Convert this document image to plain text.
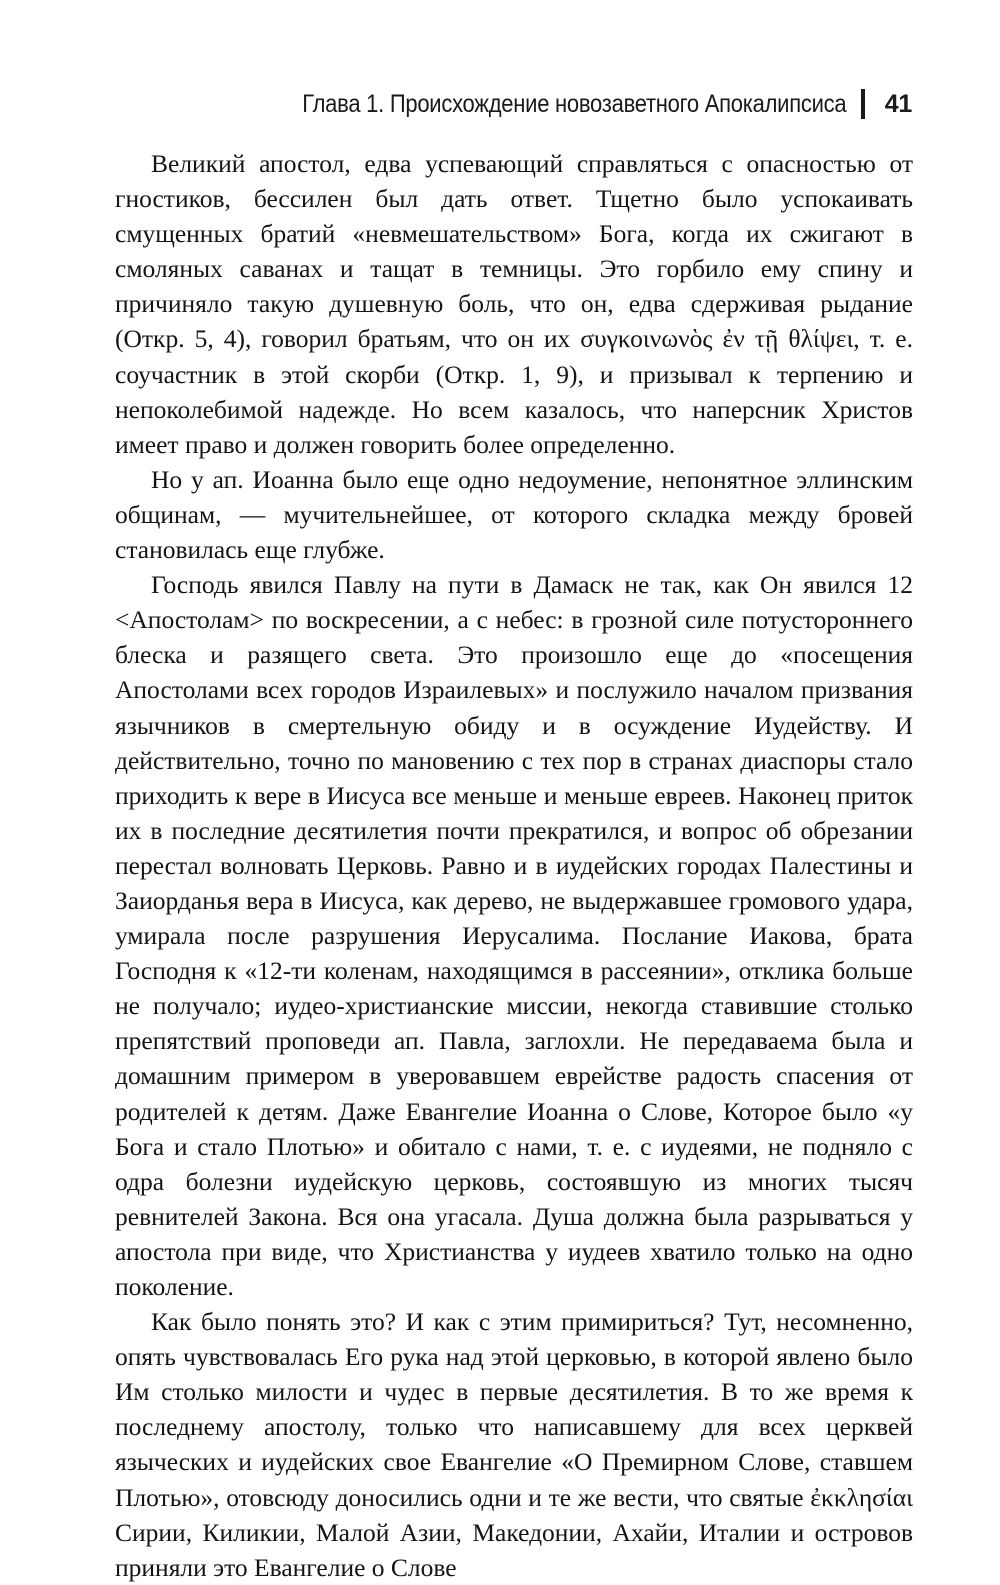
Глава 1. Происхождение новозаветного Апокалипсиса 41

Великий апостол, едва успевающий справляться с опасностью от гностиков, бессилен был дать ответ. Тщетно было успокаивать смущенных братий «невмешательством» Бога, когда их сжигают в смоляных саванах и тащат в темницы. Это горбило ему спину и причиняло такую душевную боль, что он, едва сдерживая рыдание (Откр. 5, 4), говорил братьям, что он их συγκοινωνὸς ἐν τῇ θλίψει, т. е. соучастник в этой скорби (Откр. 1, 9), и призывал к терпению и непоколебимой надежде. Но всем казалось, что наперсник Христов имеет право и должен говорить более определенно.

Но у ап. Иоанна было еще одно недоумение, непонятное эллинским общинам, — мучительнейшее, от которого складка между бровей становилась еще глубже.

Господь явился Павлу на пути в Дамаск не так, как Он явился 12 <Апостолам> по воскресении, а с небес: в грозной силе потустороннего блеска и разящего света. Это произошло еще до «посещения Апостолами всех городов Израилевых» и послужило началом призвания язычников в смертельную обиду и в осуждение Иудейству. И действительно, точно по мановению с тех пор в странах диаспоры стало приходить к вере в Иисуса все меньше и меньше евреев. Наконец приток их в последние десятилетия почти прекратился, и вопрос об обрезании перестал волновать Церковь. Равно и в иудейских городах Палестины и Заиорданья вера в Иисуса, как дерево, не выдержавшее громового удара, умирала после разрушения Иерусалима. Послание Иакова, брата Господня к «12-ти коленам, находящимся в рассеянии», отклика больше не получало; иудео-христианские миссии, некогда ставившие столько препятствий проповеди ап. Павла, заглохли. Не передаваема была и домашним примером в уверовавшем еврействе радость спасения от родителей к детям. Даже Евангелие Иоанна о Слове, Которое было «у Бога и стало Плотью» и обитало с нами, т. е. с иудеями, не подняло с одра болезни иудейскую церковь, состоявшую из многих тысяч ревнителей Закона. Вся она угасала. Душа должна была разрываться у апостола при виде, что Христианства у иудеев хватило только на одно поколение.

Как было понять это? И как с этим примириться? Тут, несомненно, опять чувствовалась Его рука над этой церковью, в которой явлено было Им столько милости и чудес в первые десятилетия. В то же время к последнему апостолу, только что написавшему для всех церквей языческих и иудейских свое Евангелие «О Премирном Слове, ставшем Плотью», отовсюду доносились одни и те же вести, что святые ἐκκλησίαι Сирии, Киликии, Малой Азии, Македонии, Ахайи, Италии и островов приняли это Евангелие о Слове
